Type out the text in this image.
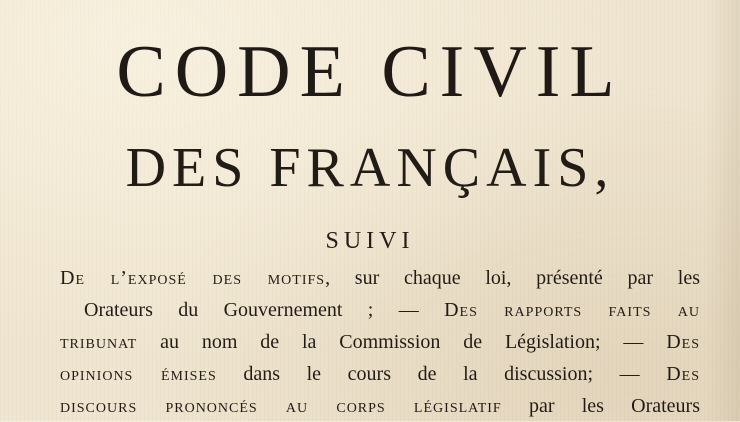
CODE CIVIL
DES FRANÇAIS,
SUIVI
De l’exposé des motifs, sur chaque loi, présenté par les
Orateurs du Gouvernement ; — Des rapports faits au
tribunat au nom de la Commission de Législation; — Des
opinions émises dans le cours de la discussion; — Des
discours prononcés au corps législatif par les Orateurs
